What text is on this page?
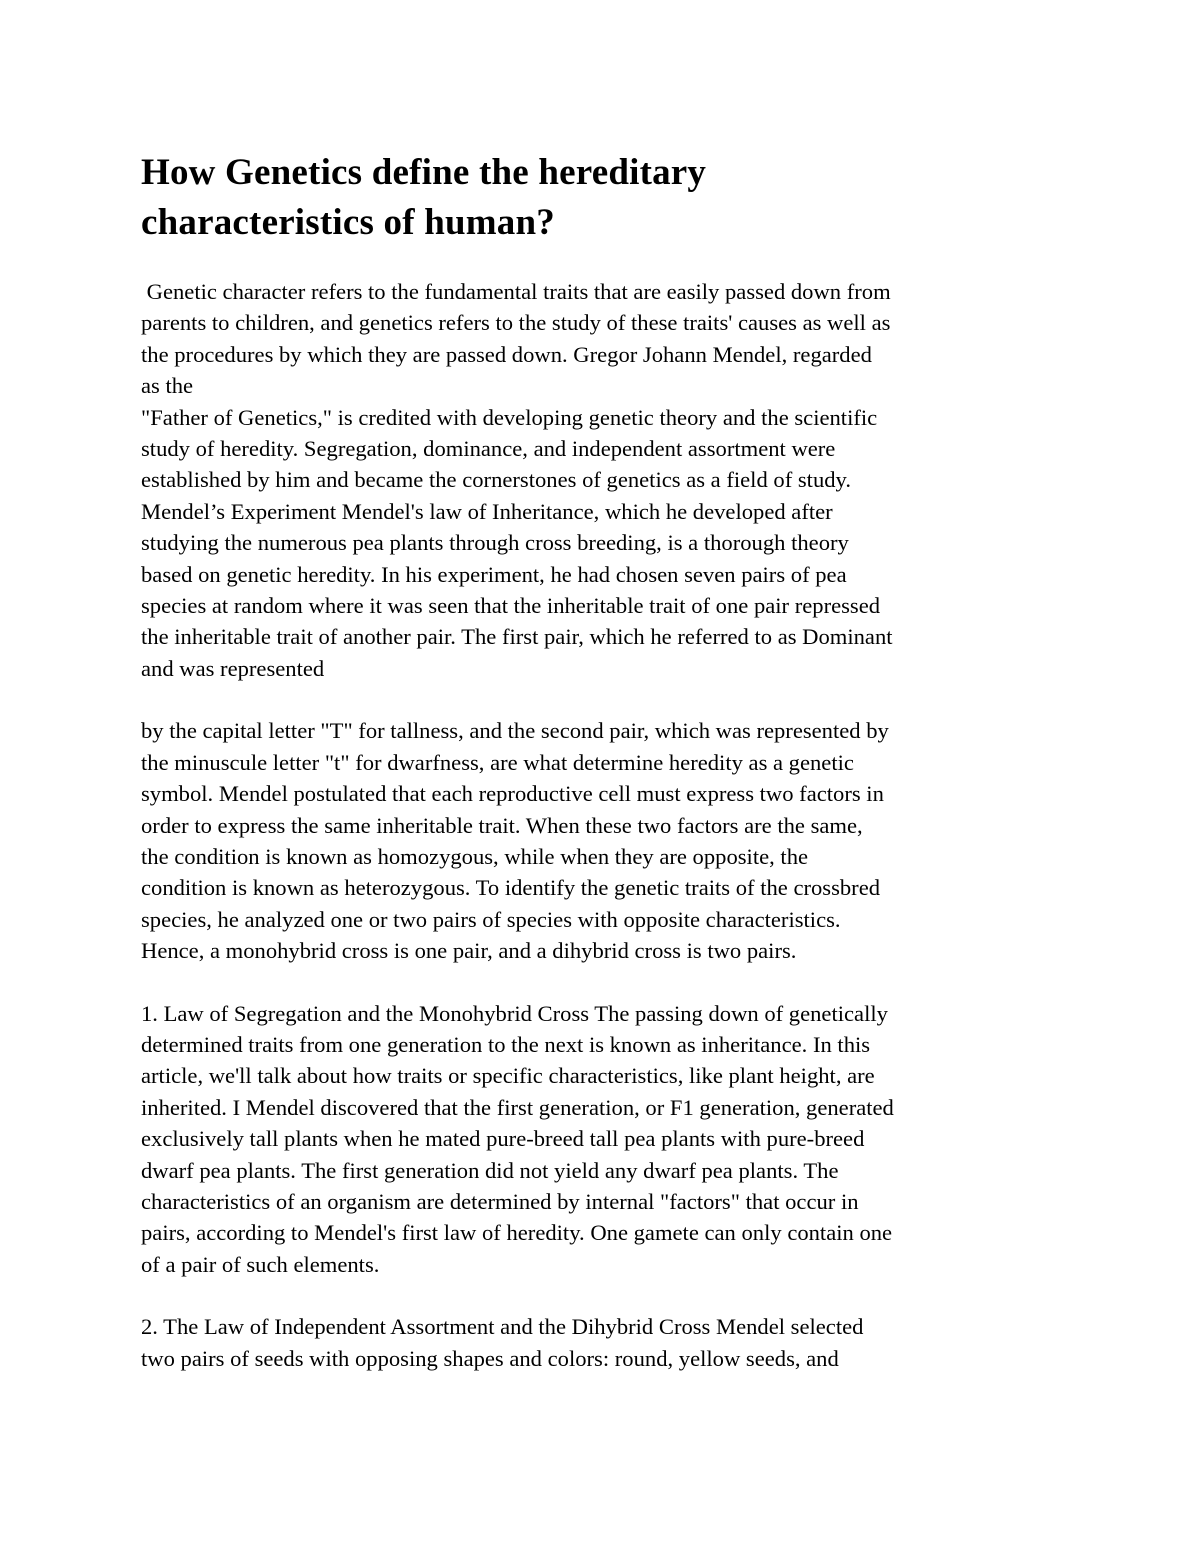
How Genetics define the hereditary
characteristics of human?

Genetic character refers to the fundamental traits that are easily passed down from
parents to children, and genetics refers to the study of these traits' causes as well as
the procedures by which they are passed down. Gregor Johann Mendel, regarded
as the
"Father of Genetics," is credited with developing genetic theory and the scientific
study of heredity. Segregation, dominance, and independent assortment were
established by him and became the cornerstones of genetics as a field of study.
Mendel’s Experiment Mendel's law of Inheritance, which he developed after
studying the numerous pea plants through cross breeding, is a thorough theory
based on genetic heredity. In his experiment, he had chosen seven pairs of pea
species at random where it was seen that the inheritable trait of one pair repressed
the inheritable trait of another pair. The first pair, which he referred to as Dominant
and was represented

by the capital letter "T" for tallness, and the second pair, which was represented by
the minuscule letter "t" for dwarfness, are what determine heredity as a genetic
symbol. Mendel postulated that each reproductive cell must express two factors in
order to express the same inheritable trait. When these two factors are the same,
the condition is known as homozygous, while when they are opposite, the
condition is known as heterozygous. To identify the genetic traits of the crossbred
species, he analyzed one or two pairs of species with opposite characteristics.
Hence, a monohybrid cross is one pair, and a dihybrid cross is two pairs.

1. Law of Segregation and the Monohybrid Cross The passing down of genetically
determined traits from one generation to the next is known as inheritance. In this
article, we'll talk about how traits or specific characteristics, like plant height, are
inherited. I Mendel discovered that the first generation, or F1 generation, generated
exclusively tall plants when he mated pure-breed tall pea plants with pure-breed
dwarf pea plants. The first generation did not yield any dwarf pea plants. The
characteristics of an organism are determined by internal "factors" that occur in
pairs, according to Mendel's first law of heredity. One gamete can only contain one
of a pair of such elements.

2. The Law of Independent Assortment and the Dihybrid Cross Mendel selected
two pairs of seeds with opposing shapes and colors: round, yellow seeds, and
